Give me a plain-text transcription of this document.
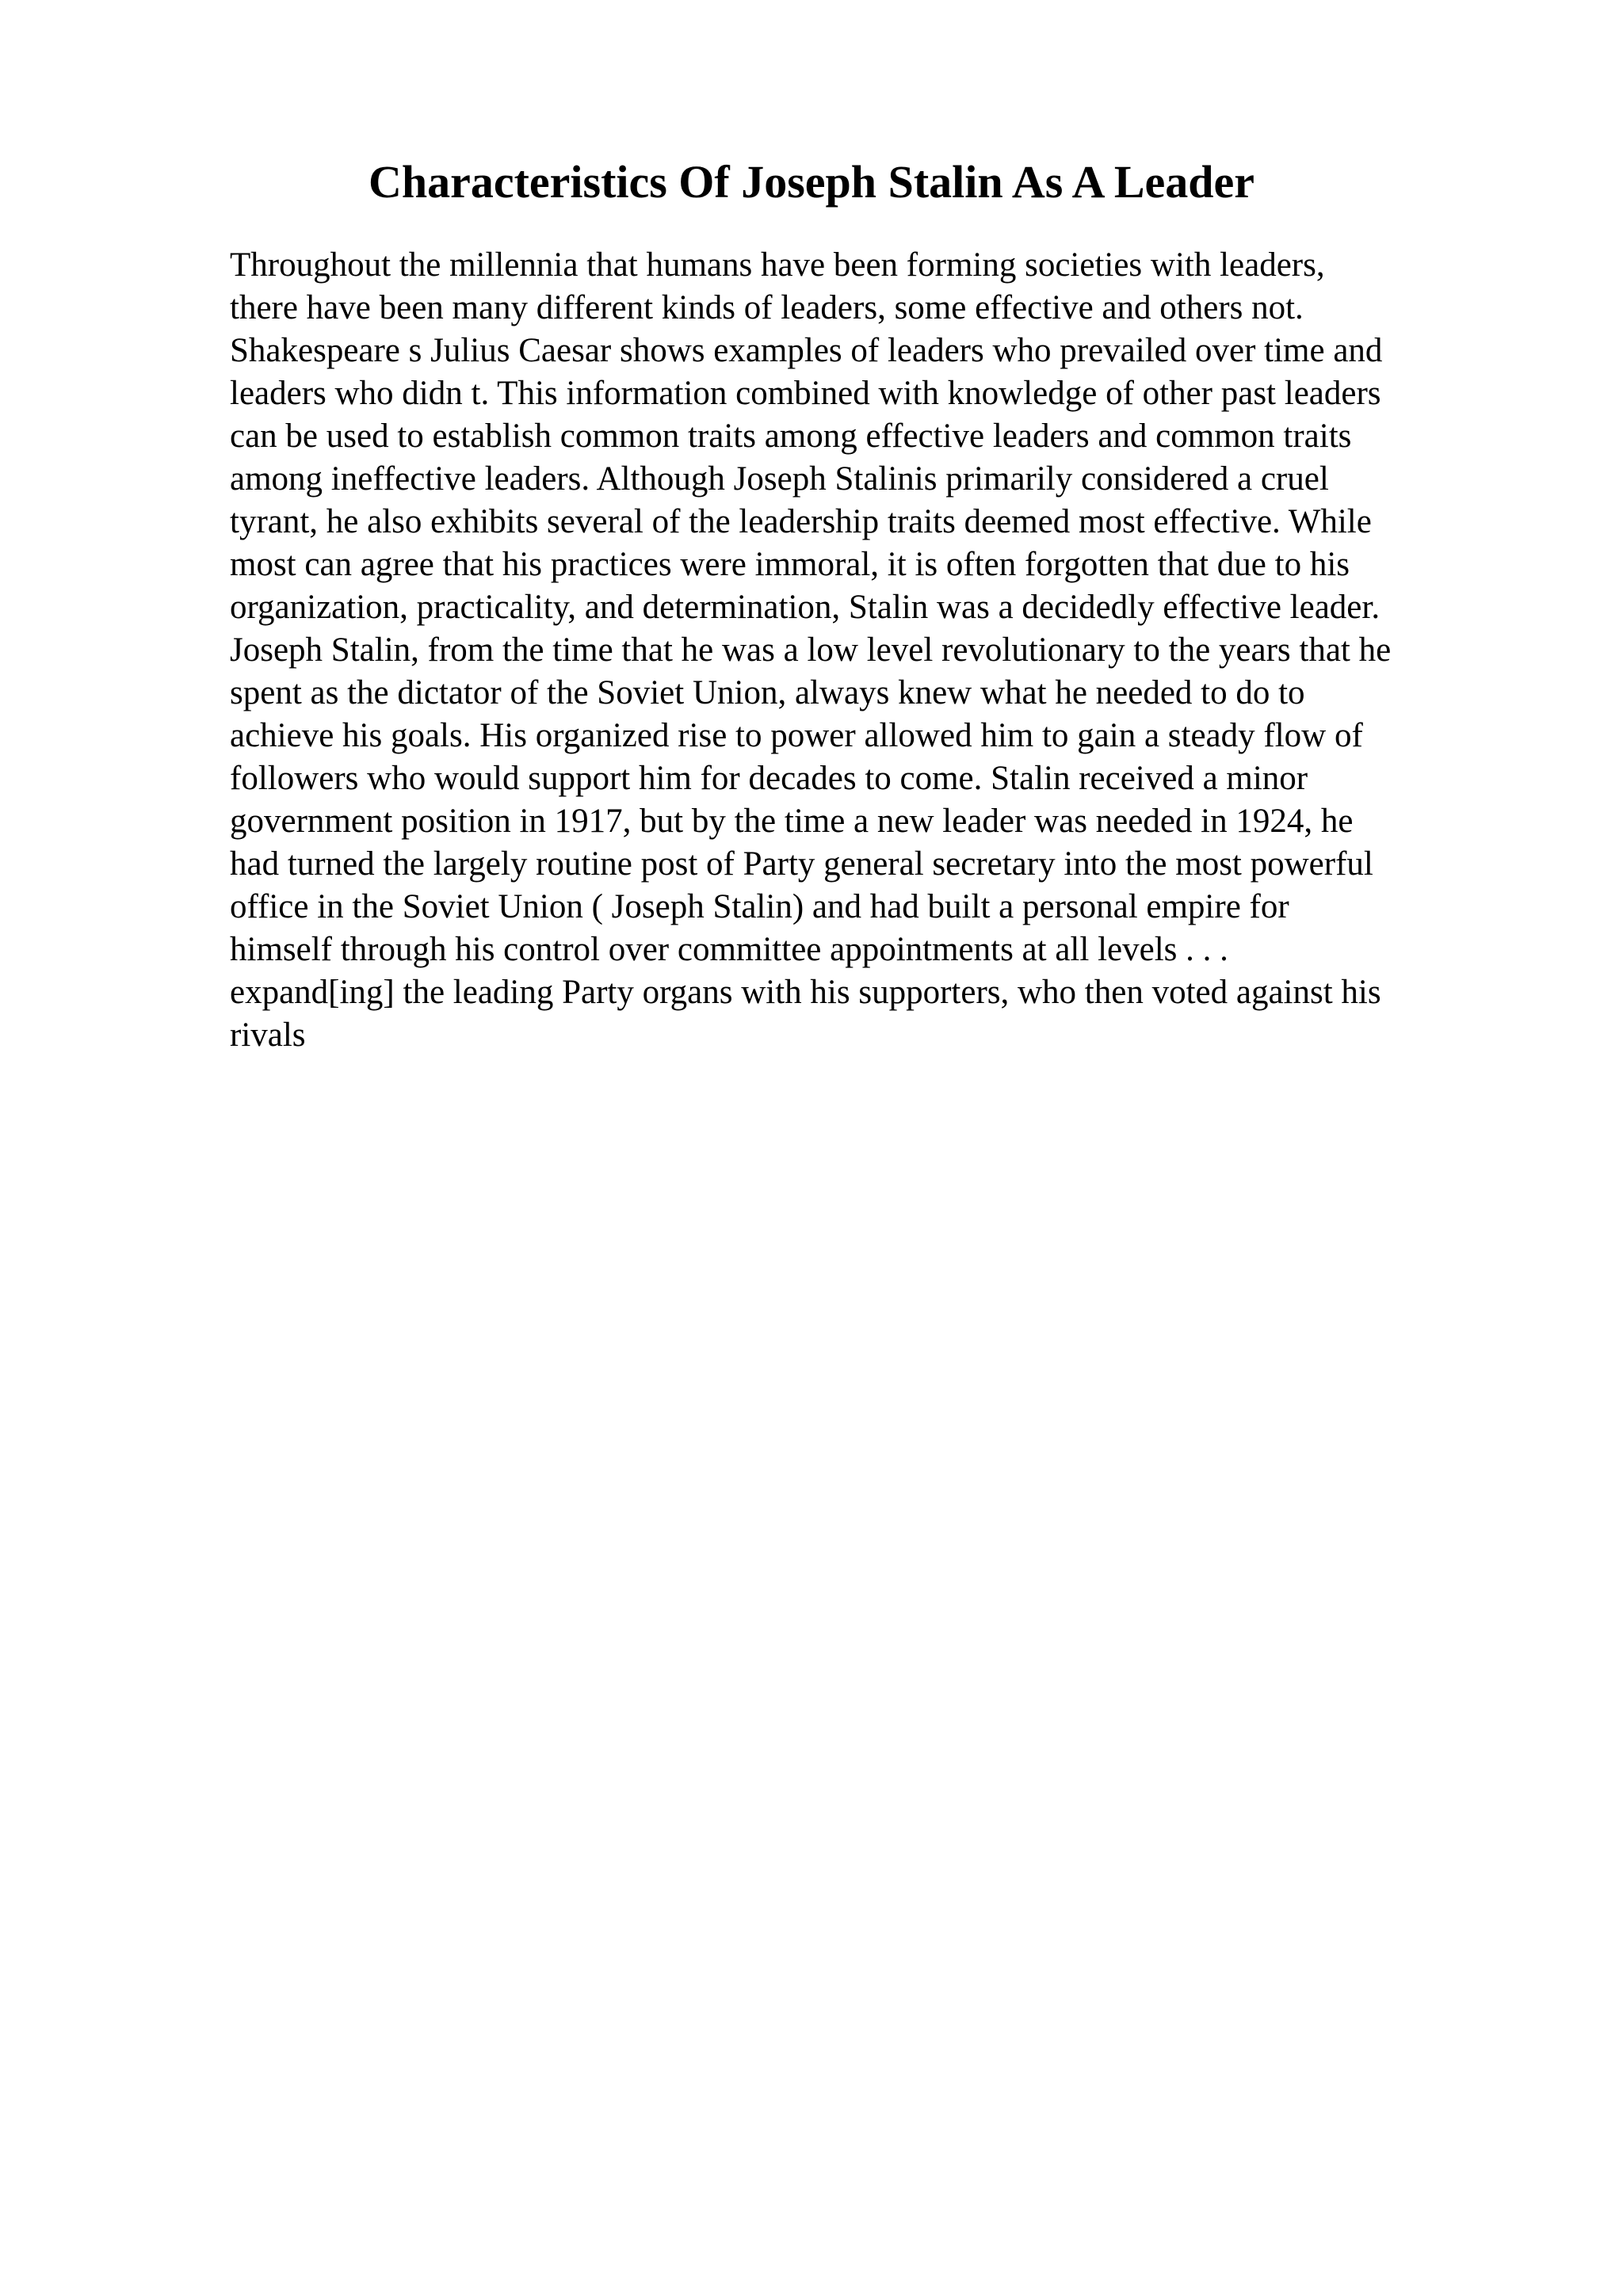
Characteristics Of Joseph Stalin As A Leader
Throughout the millennia that humans have been forming societies with leaders,
there have been many different kinds of leaders, some effective and others not.
Shakespeare s Julius Caesar shows examples of leaders who prevailed over time and
leaders who didn t. This information combined with knowledge of other past leaders
can be used to establish common traits among effective leaders and common traits
among ineffective leaders. Although Joseph Stalinis primarily considered a cruel
tyrant, he also exhibits several of the leadership traits deemed most effective. While
most can agree that his practices were immoral, it is often forgotten that due to his
organization, practicality, and determination, Stalin was a decidedly effective leader.
Joseph Stalin, from the time that he was a low level revolutionary to the years that he
spent as the dictator of the Soviet Union, always knew what he needed to do to
achieve his goals. His organized rise to power allowed him to gain a steady flow of
followers who would support him for decades to come. Stalin received a minor
government position in 1917, but by the time a new leader was needed in 1924, he
had turned the largely routine post of Party general secretary into the most powerful
office in the Soviet Union ( Joseph Stalin) and had built a personal empire for
himself through his control over committee appointments at all levels . . .
expand[ing] the leading Party organs with his supporters, who then voted against his
rivals
